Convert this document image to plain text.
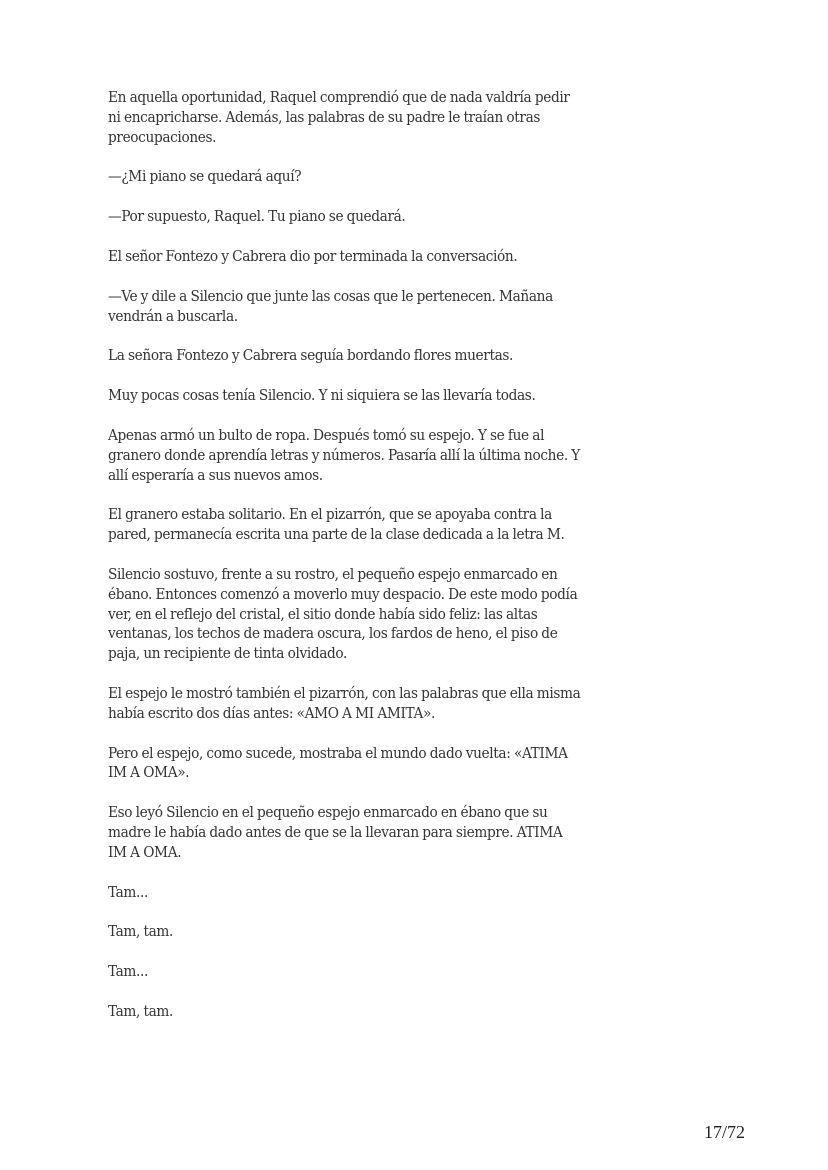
En aquella oportunidad, Raquel comprendió que de nada valdría pedir
ni encapricharse. Además, las palabras de su padre le traían otras
preocupaciones.

—¿Mi piano se quedará aquí?

—Por supuesto, Raquel. Tu piano se quedará.

El señor Fontezo y Cabrera dio por terminada la conversación.

—Ve y dile a Silencio que junte las cosas que le pertenecen. Mañana
vendrán a buscarla.

La señora Fontezo y Cabrera seguía bordando flores muertas.

Muy pocas cosas tenía Silencio. Y ni siquiera se las llevaría todas.

Apenas armó un bulto de ropa. Después tomó su espejo. Y se fue al
granero donde aprendía letras y números. Pasaría allí la última noche. Y
allí esperaría a sus nuevos amos.

El granero estaba solitario. En el pizarrón, que se apoyaba contra la
pared, permanecía escrita una parte de la clase dedicada a la letra M.

Silencio sostuvo, frente a su rostro, el pequeño espejo enmarcado en
ébano. Entonces comenzó a moverlo muy despacio. De este modo podía
ver, en el reflejo del cristal, el sitio donde había sido feliz: las altas
ventanas, los techos de madera oscura, los fardos de heno, el piso de
paja, un recipiente de tinta olvidado.

El espejo le mostró también el pizarrón, con las palabras que ella misma
había escrito dos días antes: «AMO A MI AMITA».

Pero el espejo, como sucede, mostraba el mundo dado vuelta: «ATIMA
IM A OMA».

Eso leyó Silencio en el pequeño espejo enmarcado en ébano que su
madre le había dado antes de que se la llevaran para siempre. ATIMA
IM A OMA.

Tam...

Tam, tam.

Tam...

Tam, tam.

17/72
